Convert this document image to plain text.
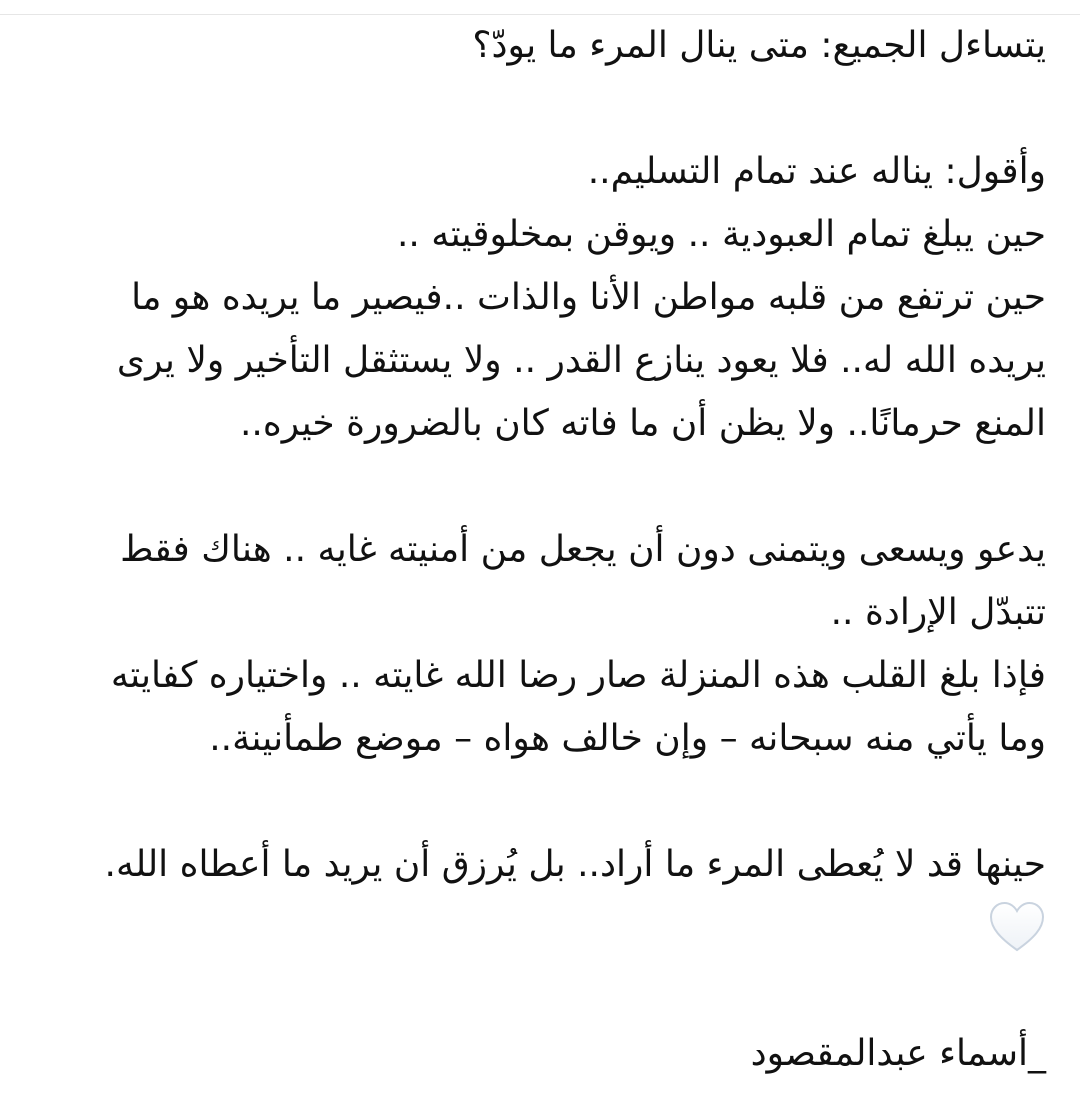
يتساءل الجميع: متى ينال المرء ما يودّ؟
وأقول: يناله عند تمام التسليم..
حين يبلغ تمام العبودية .. ويوقن بمخلوقيته ..
حين ترتفع من قلبه مواطن الأنا والذات ..فيصير ما يريده هو ما
يريده الله له.. فلا يعود ينازع القدر .. ولا يستثقل التأخير ولا يرى
المنع حرمانًا.. ولا يظن أن ما فاته كان بالضرورة خيره..
يدعو ويسعى ويتمنى دون أن يجعل من أمنيته غايه .. هناك فقط
تتبدّل الإرادة ..
فإذا بلغ القلب هذه المنزلة صار رضا الله غايته .. واختياره كفايته
وما يأتي منه سبحانه – وإن خالف هواه – موضع طمأنينة..
حينها قد لا يُعطى المرء ما أراد.. بل يُرزق أن يريد ما أعطاه الله.
_أسماء عبدالمقصود
